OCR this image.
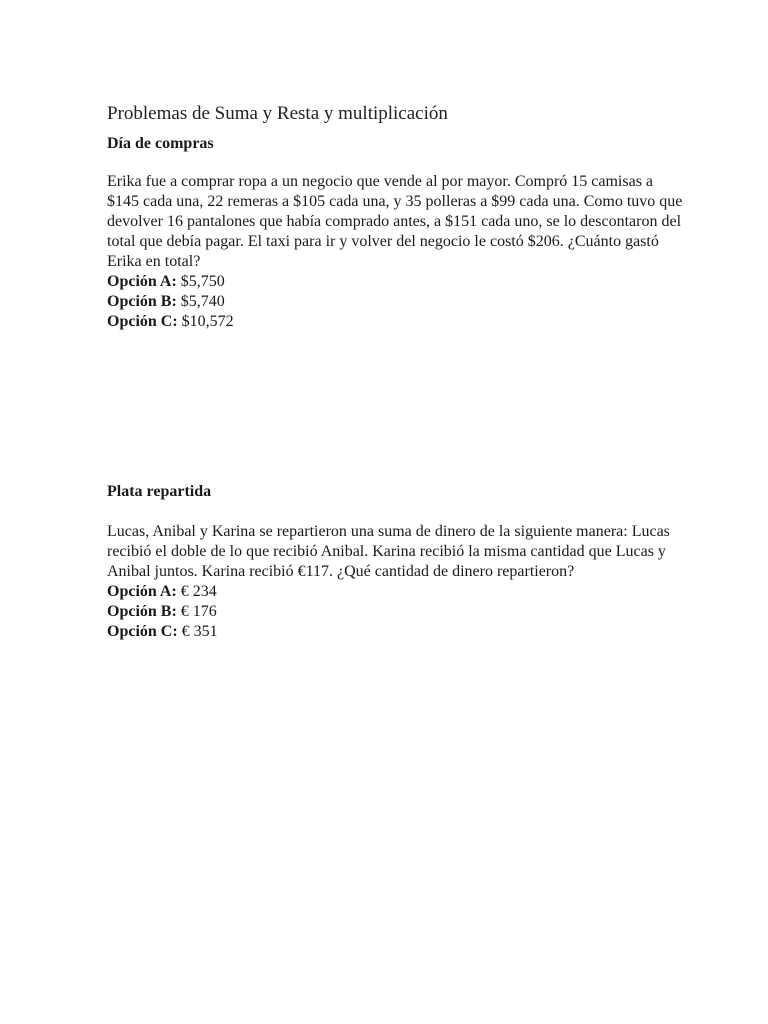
Problemas de Suma y Resta y multiplicación
Día de compras

Erika fue a comprar ropa a un negocio que vende al por mayor. Compró 15 camisas a $145 cada una, 22 remeras a $105 cada una, y 35 polleras a $99 cada una. Como tuvo que devolver 16 pantalones que había comprado antes, a $151 cada uno, se lo descontaron del total que debía pagar. El taxi para ir y volver del negocio le costó $206. ¿Cuánto gastó Erika en total?

Opción A: $5,750

Opción B: $5,740

Opción C: $10,572

Plata repartida

Lucas, Anibal y Karina se repartieron una suma de dinero de la siguiente manera: Lucas recibió el doble de lo que recibió Anibal. Karina recibió la misma cantidad que Lucas y Anibal juntos. Karina recibió €117. ¿Qué cantidad de dinero repartieron?

Opción A: € 234

Opción B: € 176

Opción C: € 351
